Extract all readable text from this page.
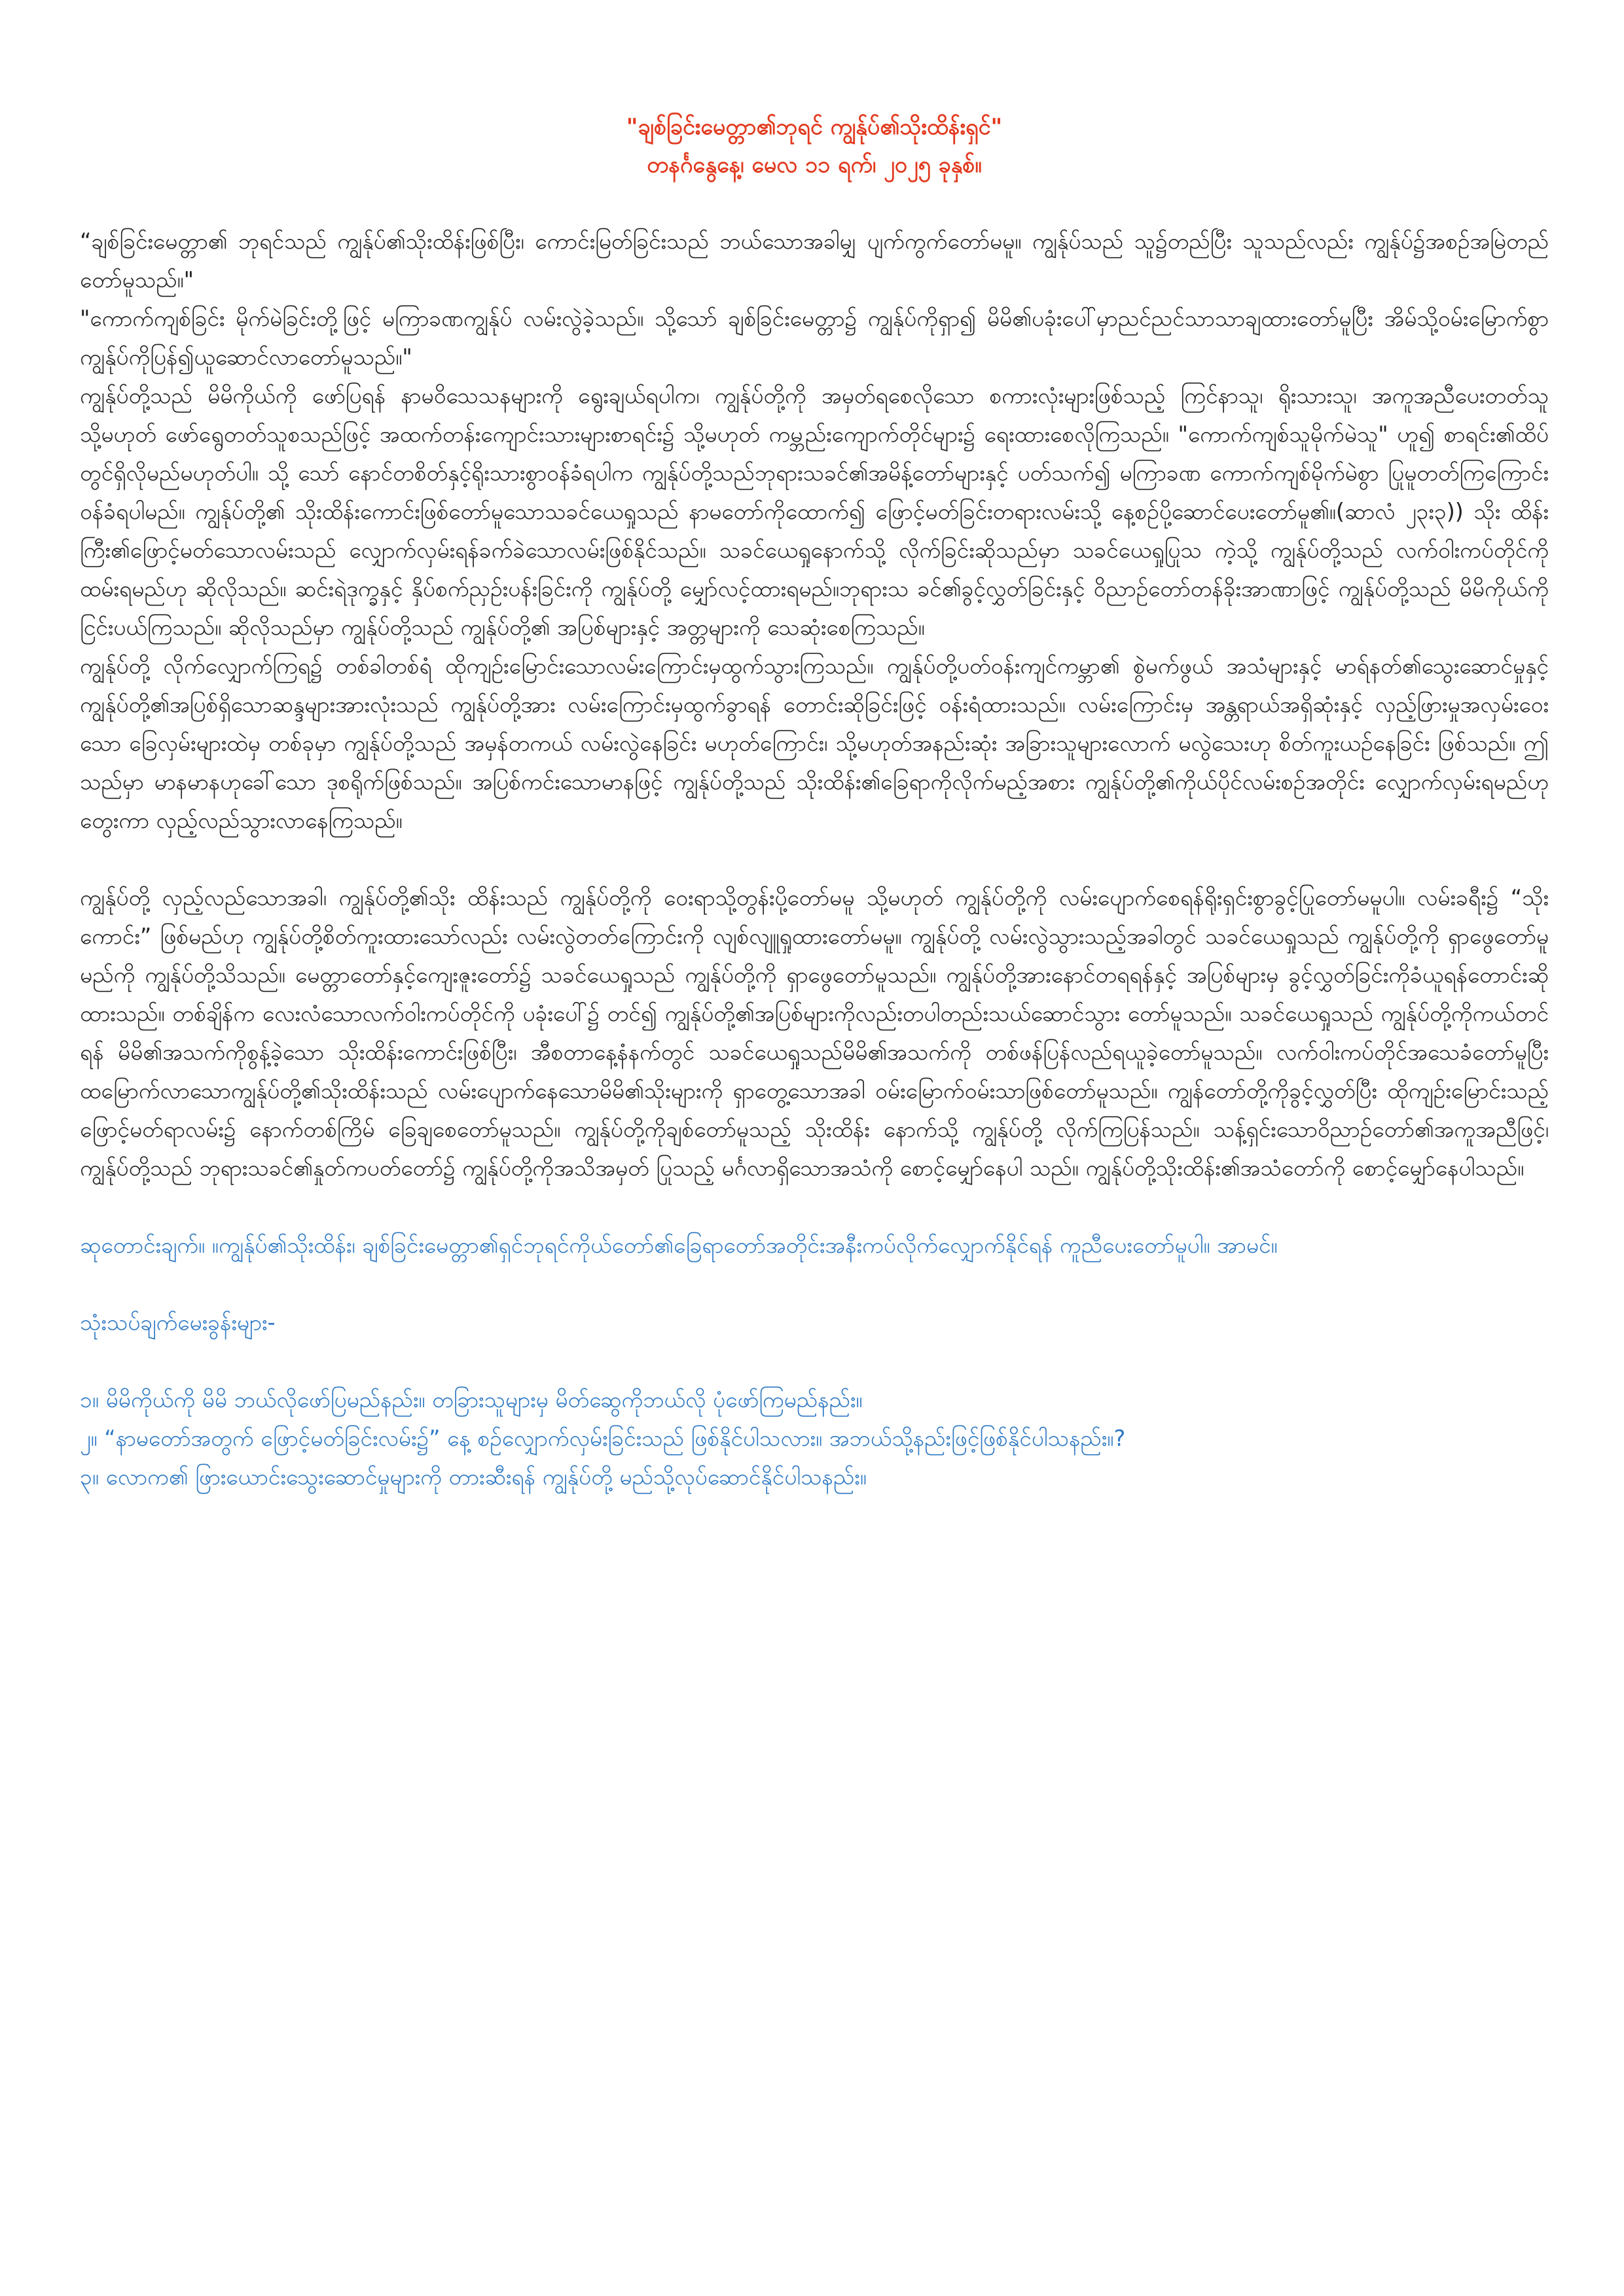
"ချစ်ခြင်းမေတ္တာ၏ဘုရင် ကျွန်ုပ်၏သိုးထိန်းရှင်"
တနင်္ဂနွေနေ့၊ မေလ ၁၁ ရက်၊ ၂၀၂၅ ခုနှစ်။

“ချစ်ခြင်းမေတ္တာ၏ ဘုရင်သည် ကျွန်ုပ်၏သိုးထိန်းဖြစ်ပြီး၊ ကောင်းမြတ်ခြင်းသည် ဘယ်သောအခါမျှ ပျက်ကွက်တော်မမူ။ ကျွန်ုပ်သည် သူ၌တည်ပြီး သူသည်လည်း ကျွန်ုပ်၌အစဉ်အမြဲတည်တော်မူသည်။"

"ကောက်ကျစ်ခြင်း မိုက်မဲခြင်းတို့ဖြင့် မကြာခဏကျွန်ုပ် လမ်းလွဲခဲ့သည်။ သို့သော် ချစ်ခြင်းမေတ္တာ၌ ကျွန်ုပ်ကိုရှာ၍ မိမိ၏ပခုံးပေါ်မှာညင်ညင်သာသာချထားတော်မူပြီး အိမ်သို့ဝမ်းမြောက်စွာ ကျွန်ုပ်ကိုပြန်၍ယူဆောင်လာတော်မူသည်။"

ကျွန်ုပ်တို့သည် မိမိကိုယ်ကို ဖော်ပြရန် နာမဝိသေသနများကို ရွေးချယ်ရပါက၊ ကျွန်ုပ်တို့ကို အမှတ်ရစေလိုသော စကားလုံးများဖြစ်သည့် ကြင်နာသူ၊ ရိုးသားသူ၊ အကူအညီပေးတတ်သူ သို့မဟုတ် ဖော်ရွေတတ်သူစသည်ဖြင့် အထက်တန်းကျောင်းသားများစာရင်း၌ သို့မဟုတ် ကမ္ဘည်းကျောက်တိုင်များ၌ ရေးထားစေလိုကြသည်။ "ကောက်ကျစ်သူမိုက်မဲသူ" ဟူ၍ စာရင်း၏ထိပ်တွင်ရှိလိုမည်မဟုတ်ပါ။ သို့ သော် နောင်တစိတ်နှင့်ရိုးသားစွာဝန်ခံရပါက ကျွန်ုပ်တို့သည်ဘုရားသခင်၏အမိန့်တော်များနှင့် ပတ်သက်၍ မကြာခဏ ကောက်ကျစ်မိုက်မဲစွာ ပြုမူတတ်ကြကြောင်း ဝန်ခံရပါမည်။ ကျွန်ုပ်တို့၏ သိုးထိန်းကောင်းဖြစ်တော်မူသောသခင်ယေရှုသည် နာမတော်ကိုထောက်၍ ဖြောင့်မတ်ခြင်းတရားလမ်းသို့ နေ့စဉ်ပို့ဆောင်ပေးတော်မူ၏။(ဆာလံ ၂၃း၃)) သိုး ထိန်းကြီး၏ဖြောင့်မတ်သောလမ်းသည် လျှောက်လှမ်းရန်ခက်ခဲသောလမ်းဖြစ်နိုင်သည်။ သခင်ယေရှုနောက်သို့ လိုက်ခြင်းဆိုသည်မှာ သခင်ယေရှုပြုသ ကဲ့သို့ ကျွန်ုပ်တို့သည် လက်ဝါးကပ်တိုင်ကို ထမ်းရမည်ဟု ဆိုလိုသည်။ ဆင်းရဲဒုက္ခနှင့် နှိပ်စက်ညှဉ်းပန်းခြင်းကို ကျွန်ုပ်တို့ မျှော်လင့်ထားရမည်။ဘုရားသ ခင်၏ခွင့်လွှတ်ခြင်းနှင့် ဝိညာဉ်တော်တန်ခိုးအာဏာဖြင့် ကျွန်ုပ်တို့သည် မိမိကိုယ်ကိုငြင်းပယ်ကြသည်။ ဆိုလိုသည်မှာ ကျွန်ုပ်တို့သည် ကျွန်ုပ်တို့၏ အပြစ်များနှင့် အတ္တများကို သေဆုံးစေကြသည်။

ကျွန်ုပ်တို့ လိုက်လျှောက်ကြရ၌ တစ်ခါတစ်ရံ ထိုကျဉ်းမြောင်းသောလမ်းကြောင်းမှထွက်သွားကြသည်။ ကျွန်ုပ်တို့ပတ်ဝန်းကျင်ကမ္ဘာ၏ စွဲမက်ဖွယ် အသံများနှင့် မာရ်နတ်၏သွေးဆောင်မှုနှင့် ကျွန်ုပ်တို့၏အပြစ်ရှိသောဆန္ဒများအားလုံးသည် ကျွန်ုပ်တို့အား လမ်းကြောင်းမှထွက်ခွာရန် တောင်းဆိုခြင်းဖြင့် ဝန်းရံထားသည်။ လမ်းကြောင်းမှ အန္တရာယ်အရှိဆုံးနှင့် လှည့်ဖြားမှုအလှမ်းဝေးသော ခြေလှမ်းများထဲမှ တစ်ခုမှာ ကျွန်ုပ်တို့သည် အမှန်တကယ် လမ်းလွဲနေခြင်း မဟုတ်ကြောင်း၊ သို့မဟုတ်အနည်းဆုံး အခြားသူများလောက် မလွဲသေးဟု စိတ်ကူးယဉ်နေခြင်း ဖြစ်သည်။ ဤသည်မှာ မာနမာနဟုခေါ်သော ဒုစရိုက်ဖြစ်သည်။ အပြစ်ကင်းသောမာနဖြင့် ကျွန်ုပ်တို့သည် သိုးထိန်း၏ခြေရာကိုလိုက်မည့်အစား ကျွန်ုပ်တို့၏ကိုယ်ပိုင်လမ်းစဉ်အတိုင်း လျှောက်လှမ်းရမည်ဟု တွေးကာ လှည့်လည်သွားလာနေကြသည်။

ကျွန်ုပ်တို့ လှည့်လည်သောအခါ၊ ကျွန်ုပ်တို့၏သိုး ထိန်းသည် ကျွန်ုပ်တို့ကို ဝေးရာသို့တွန်းပို့တော်မမူ သို့မဟုတ် ကျွန်ုပ်တို့ကို လမ်းပျောက်စေရန်ရိုးရှင်းစွာခွင့်ပြုတော်မမူပါ။ လမ်းခရီး၌ “သိုးကောင်း” ဖြစ်မည်ဟု ကျွန်ုပ်တို့စိတ်ကူးထားသော်လည်း လမ်းလွဲတတ်ကြောင်းကို လျစ်လျူရှုထားတော်မမူ။ ကျွန်ုပ်တို့ လမ်းလွဲသွားသည့်အခါတွင် သခင်ယေရှုသည် ကျွန်ုပ်တို့ကို ရှာဖွေတော်မူမည်ကို ကျွန်ုပ်တို့သိသည်။ မေတ္တာတော်နှင့်ကျေးဇူးတော်၌ သခင်ယေရှုသည် ကျွန်ုပ်တို့ကို ရှာဖွေတော်မူသည်။ ကျွန်ုပ်တို့အားနောင်တရရန်နှင့် အပြစ်များမှ ခွင့်လွှတ်ခြင်းကိုခံယူရန်တောင်းဆိုထားသည်။ တစ်ချိန်က လေးလံသောလက်ဝါးကပ်တိုင်ကို ပခုံးပေါ်၌ တင်၍ ကျွန်ုပ်တို့၏အပြစ်များကိုလည်းတပါတည်းသယ်ဆောင်သွား တော်မူသည်။ သခင်ယေရှုသည် ကျွန်ုပ်တို့ကိုကယ်တင်ရန် မိမိ၏အသက်ကိုစွန့်ခဲ့သော သိုးထိန်းကောင်းဖြစ်ပြီး၊ အီစတာနေ့နံနက်တွင် သခင်ယေရှုသည်မိမိ၏အသက်ကို တစ်ဖန်ပြန်လည်ရယူခဲ့တော်မူသည်။ လက်ဝါးကပ်တိုင်အသေခံတော်မူပြီး ထမြောက်လာသောကျွန်ုပ်တို့၏သိုးထိန်းသည် လမ်းပျောက်နေသောမိမိ၏သိုးများကို ရှာတွေ့သောအခါ ဝမ်းမြောက်ဝမ်းသာဖြစ်တော်မူသည်။ ကျွန်တော်တို့ကိုခွင့်လွှတ်ပြီး ထိုကျဉ်းမြောင်းသည့် ဖြောင့်မတ်ရာလမ်း၌ နောက်တစ်ကြိမ် ခြေချစေတော်မူသည်။ ကျွန်ုပ်တို့ကိုချစ်တော်မူသည့် သိုးထိန်း နောက်သို့ ကျွန်ုပ်တို့ လိုက်ကြပြန်သည်။ သန့်ရှင်းသောဝိညာဉ်တော်၏အကူအညီဖြင့်၊ ကျွန်ုပ်တို့သည် ဘုရားသခင်၏နှုတ်ကပတ်တော်၌ ကျွန်ုပ်တို့ကိုအသိအမှတ် ပြုသည့် မင်္ဂလာရှိသောအသံကို စောင့်မျှော်နေပါ သည်။ ကျွန်ုပ်တို့သိုးထိန်း၏အသံတော်ကို စောင့်မျှော်နေပါသည်။

ဆုတောင်းချက်။ ။ကျွန်ုပ်၏သိုးထိန်း၊ ချစ်ခြင်းမေတ္တာ၏ရှင်ဘုရင်ကိုယ်တော်၏ခြေရာတော်အတိုင်းအနီးကပ်လိုက်လျှောက်နိုင်ရန် ကူညီပေးတော်မူပါ။ အာမင်။

သုံးသပ်ချက်မေးခွန်းများ-

၁။ မိမိကိုယ်ကို မိမိ ဘယ်လိုဖော်ပြမည်နည်း။ တခြားသူများမှ မိတ်ဆွေကိုဘယ်လို ပုံဖော်ကြမည်နည်း။

၂။ “နာမတော်အတွက် ဖြောင့်မတ်ခြင်းလမ်း၌” နေ့ စဉ်လျှောက်လှမ်းခြင်းသည် ဖြစ်နိုင်ပါသလား။ အဘယ်သို့နည်းဖြင့်ဖြစ်နိုင်ပါသနည်း။?

၃။ လောက၏ ဖြားယောင်းသွေးဆောင်မှုများကို တားဆီးရန် ကျွန်ုပ်တို့ မည်သို့လုပ်ဆောင်နိုင်ပါသနည်း။
